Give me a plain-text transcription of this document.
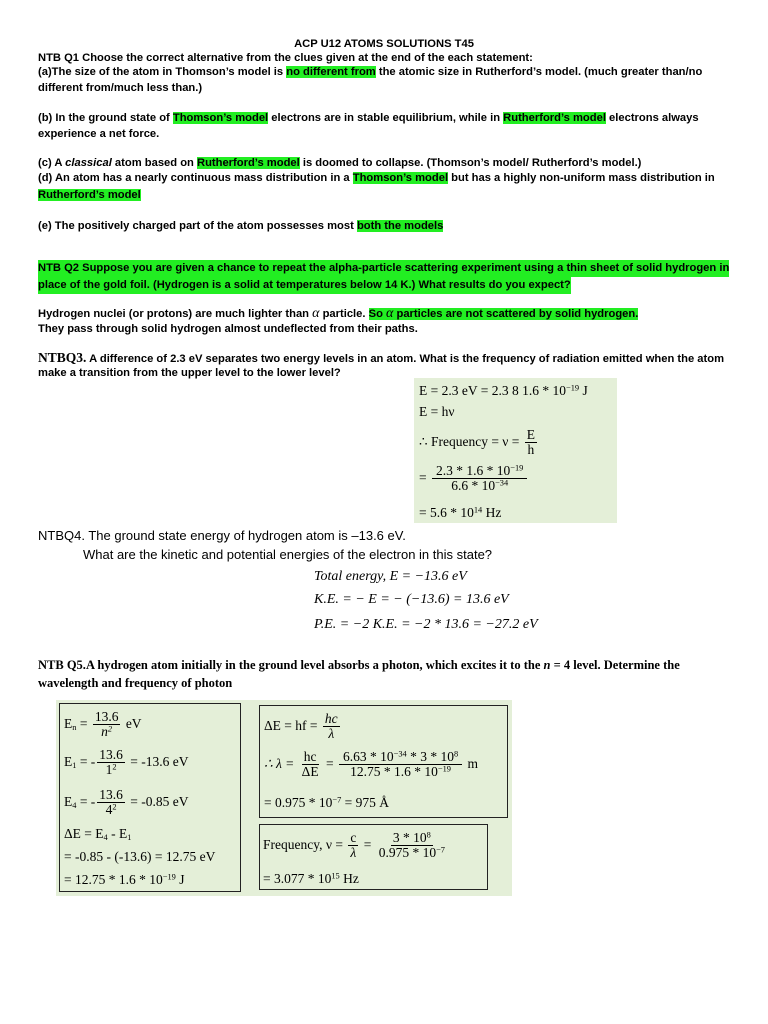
ACP U12 ATOMS SOLUTIONS T45
NTB Q1 Choose the correct alternative from the clues given at the end of the each statement:
(a)The size of the atom in Thomson’s model is no different from the atomic size in Rutherford’s model. (much greater than/no
different from/much less than.)
(b) In the ground state of Thomson’s model electrons are in stable equilibrium, while in Rutherford’s model electrons always
experience a net force.
(c) A classical atom based on Rutherford’s model is doomed to collapse. (Thomson’s model/ Rutherford’s model.)
(d) An atom has a nearly continuous mass distribution in a Thomson’s model but has a highly non-uniform mass distribution in
Rutherford’s model
(e) The positively charged part of the atom possesses most both the models
NTB Q2 Suppose you are given a chance to repeat the alpha-particle scattering experiment using a thin sheet of solid hydrogen in
place of the gold foil. (Hydrogen is a solid at temperatures below 14 K.) What results do you expect?
Hydrogen nuclei (or protons) are much lighter than α particle. So α particles are not scattered by solid hydrogen.
They pass through solid hydrogen almost undeflected from their paths.
NTBQ3. A difference of 2.3 eV separates two energy levels in an atom. What is the frequency of radiation emitted when the atom
make a transition from the upper level to the lower level?
E = 2.3 eV = 2.3 8 $1.6 * 10^{-19}$ J
E = hν
∴ Frequency = $\nu = \frac{E}{h}$
= $\frac{2.3 * 1.6 * 10^{-19}}{6.6 * 10^{-34}}$
= $5.6 * 10^{14}$ Hz
NTBQ4. The ground state energy of hydrogen atom is –13.6 eV.
What are the kinetic and potential energies of the electron in this state?
Total energy, E = −13.6 eV
K.E. = − E = − (−13.6) = 13.6 eV
P.E. = −2 K.E. = −2 * 13.6 = −27.2 eV
NTB Q5.A hydrogen atom initially in the ground level absorbs a photon, which excites it to the n = 4 level. Determine the
wavelength and frequency of photon
$E_n = \frac{13.6}{n^2}$ eV
$E_1$ = - $\frac{13.6}{1^2} = -13.6$ eV
$E_4$ = - $\frac{13.6}{4^2} = -0.85$ eV
$\Delta E = E_4 - E_1$
= -0.85 - (-13.6) = 12.75 eV
= $12.75 * 1.6 * 10^{-19}$ J
ΔE = hf = $\frac{hc}{\lambda}$
∴ $\lambda = \frac{hc}{\Delta E} = \frac{6.63 * 10^{-34} * 3 * 10^8}{12.75 * 1.6 * 10^{-19}}$ m
= $0.975 * 10^{-7} = 975$ Å
Frequency, $\nu = \frac{c}{\lambda} = \frac{3 * 10^8}{0.975 * 10^{-7}}$
= $3.077 * 10^{15}$ Hz
